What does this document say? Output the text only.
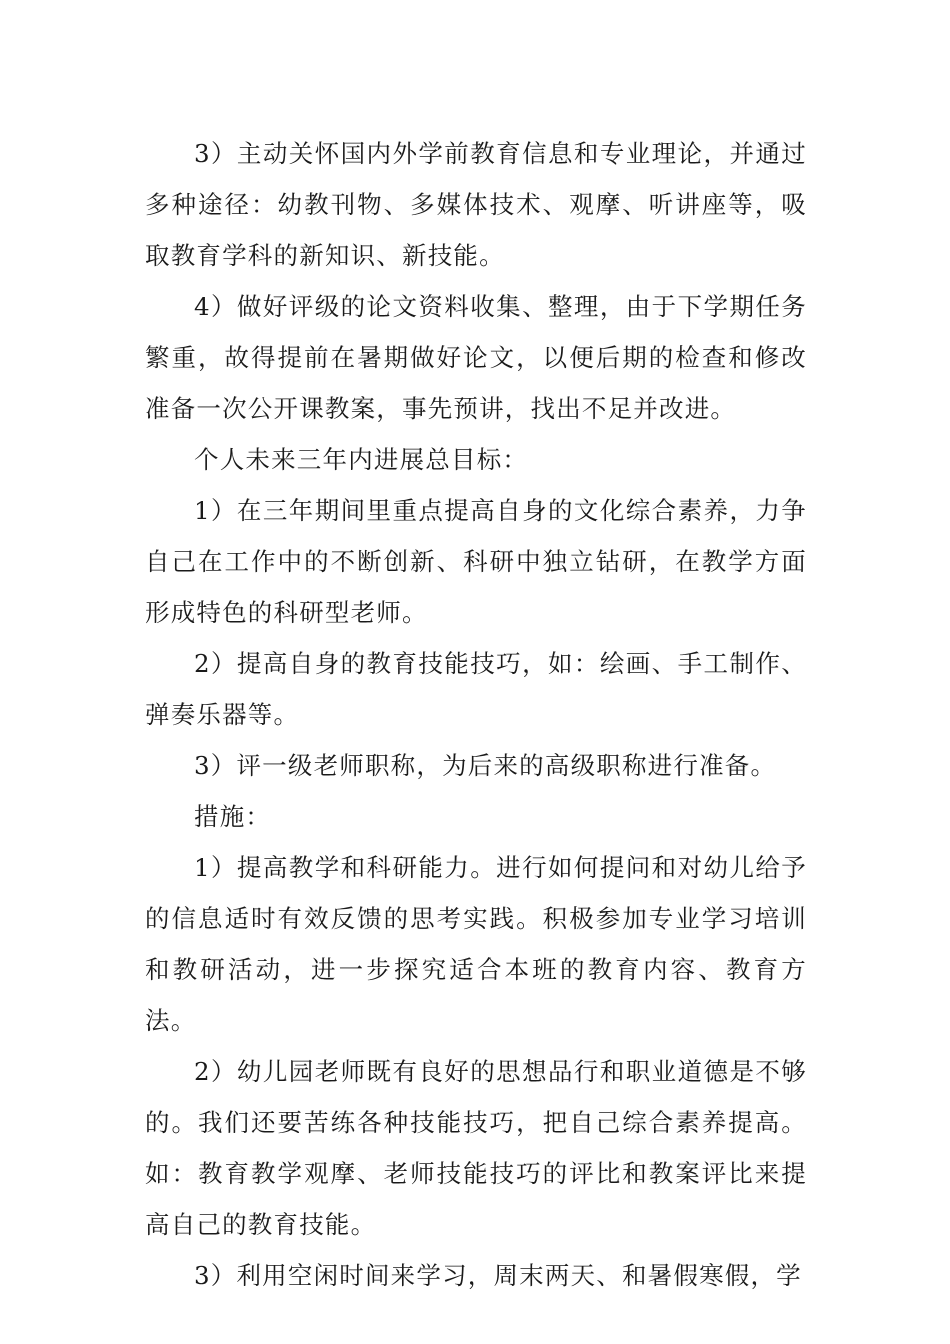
3）主动关怀国内外学前教育信息和专业理论，并通过多种途径：幼教刊物、多媒体技术、观摩、听讲座等，吸取教育学科的新知识、新技能。

4）做好评级的论文资料收集、整理，由于下学期任务繁重，故得提前在暑期做好论文，以便后期的检查和修改准备一次公开课教案，事先预讲，找出不足并改进。

个人未来三年内进展总目标：

1）在三年期间里重点提高自身的文化综合素养，力争自己在工作中的不断创新、科研中独立钻研，在教学方面形成特色的科研型老师。

2）提高自身的教育技能技巧，如：绘画、手工制作、弹奏乐器等。

3）评一级老师职称，为后来的高级职称进行准备。

措施：

1）提高教学和科研能力。进行如何提问和对幼儿给予的信息适时有效反馈的思考实践。积极参加专业学习培训和教研活动，进一步探究适合本班的教育内容、教育方法。

2）幼儿园老师既有良好的思想品行和职业道德是不够的。我们还要苦练各种技能技巧，把自己综合素养提高。如：教育教学观摩、老师技能技巧的评比和教案评比来提高自己的教育技能。

3）利用空闲时间来学习，周末两天、和暑假寒假，学
